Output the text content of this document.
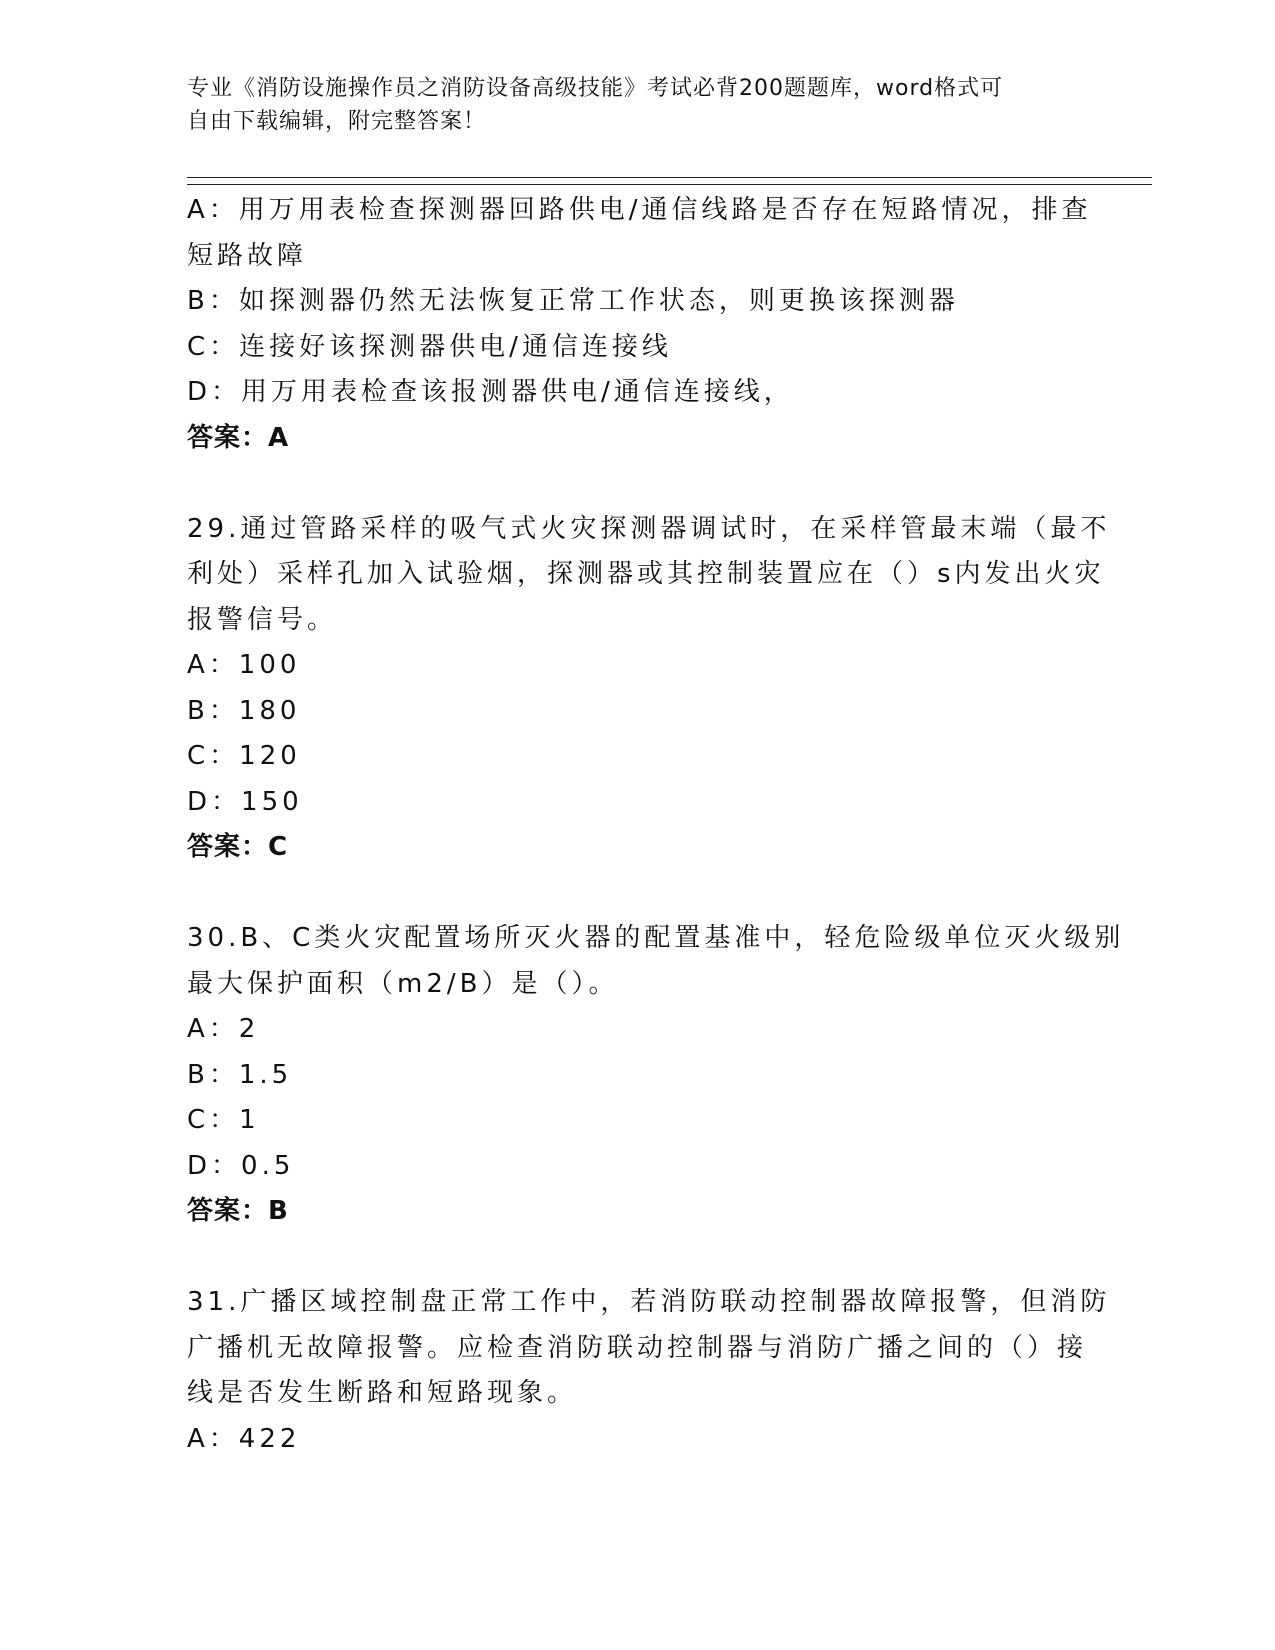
专业《消防设施操作员之消防设备高级技能》考试必背200题题库，word格式可
自由下载编辑，附完整答案！
A：用万用表检查探测器回路供电/通信线路是否存在短路情况，排查
短路故障
B：如探测器仍然无法恢复正常工作状态，则更换该探测器
C：连接好该探测器供电/通信连接线
D：用万用表检查该报测器供电/通信连接线，
答案：A
29.通过管路采样的吸气式火灾探测器调试时，在采样管最末端（最不
利处）采样孔加入试验烟，探测器或其控制装置应在（）s内发出火灾
报警信号。
A：100
B：180
C：120
D：150
答案：C
30.B、C类火灾配置场所灭火器的配置基准中，轻危险级单位灭火级别
最大保护面积（m2/B）是（）。
A：2
B：1.5
C：1
D：0.5
答案：B
31.广播区域控制盘正常工作中，若消防联动控制器故障报警，但消防
广播机无故障报警。应检查消防联动控制器与消防广播之间的（）接
线是否发生断路和短路现象。
A：422
